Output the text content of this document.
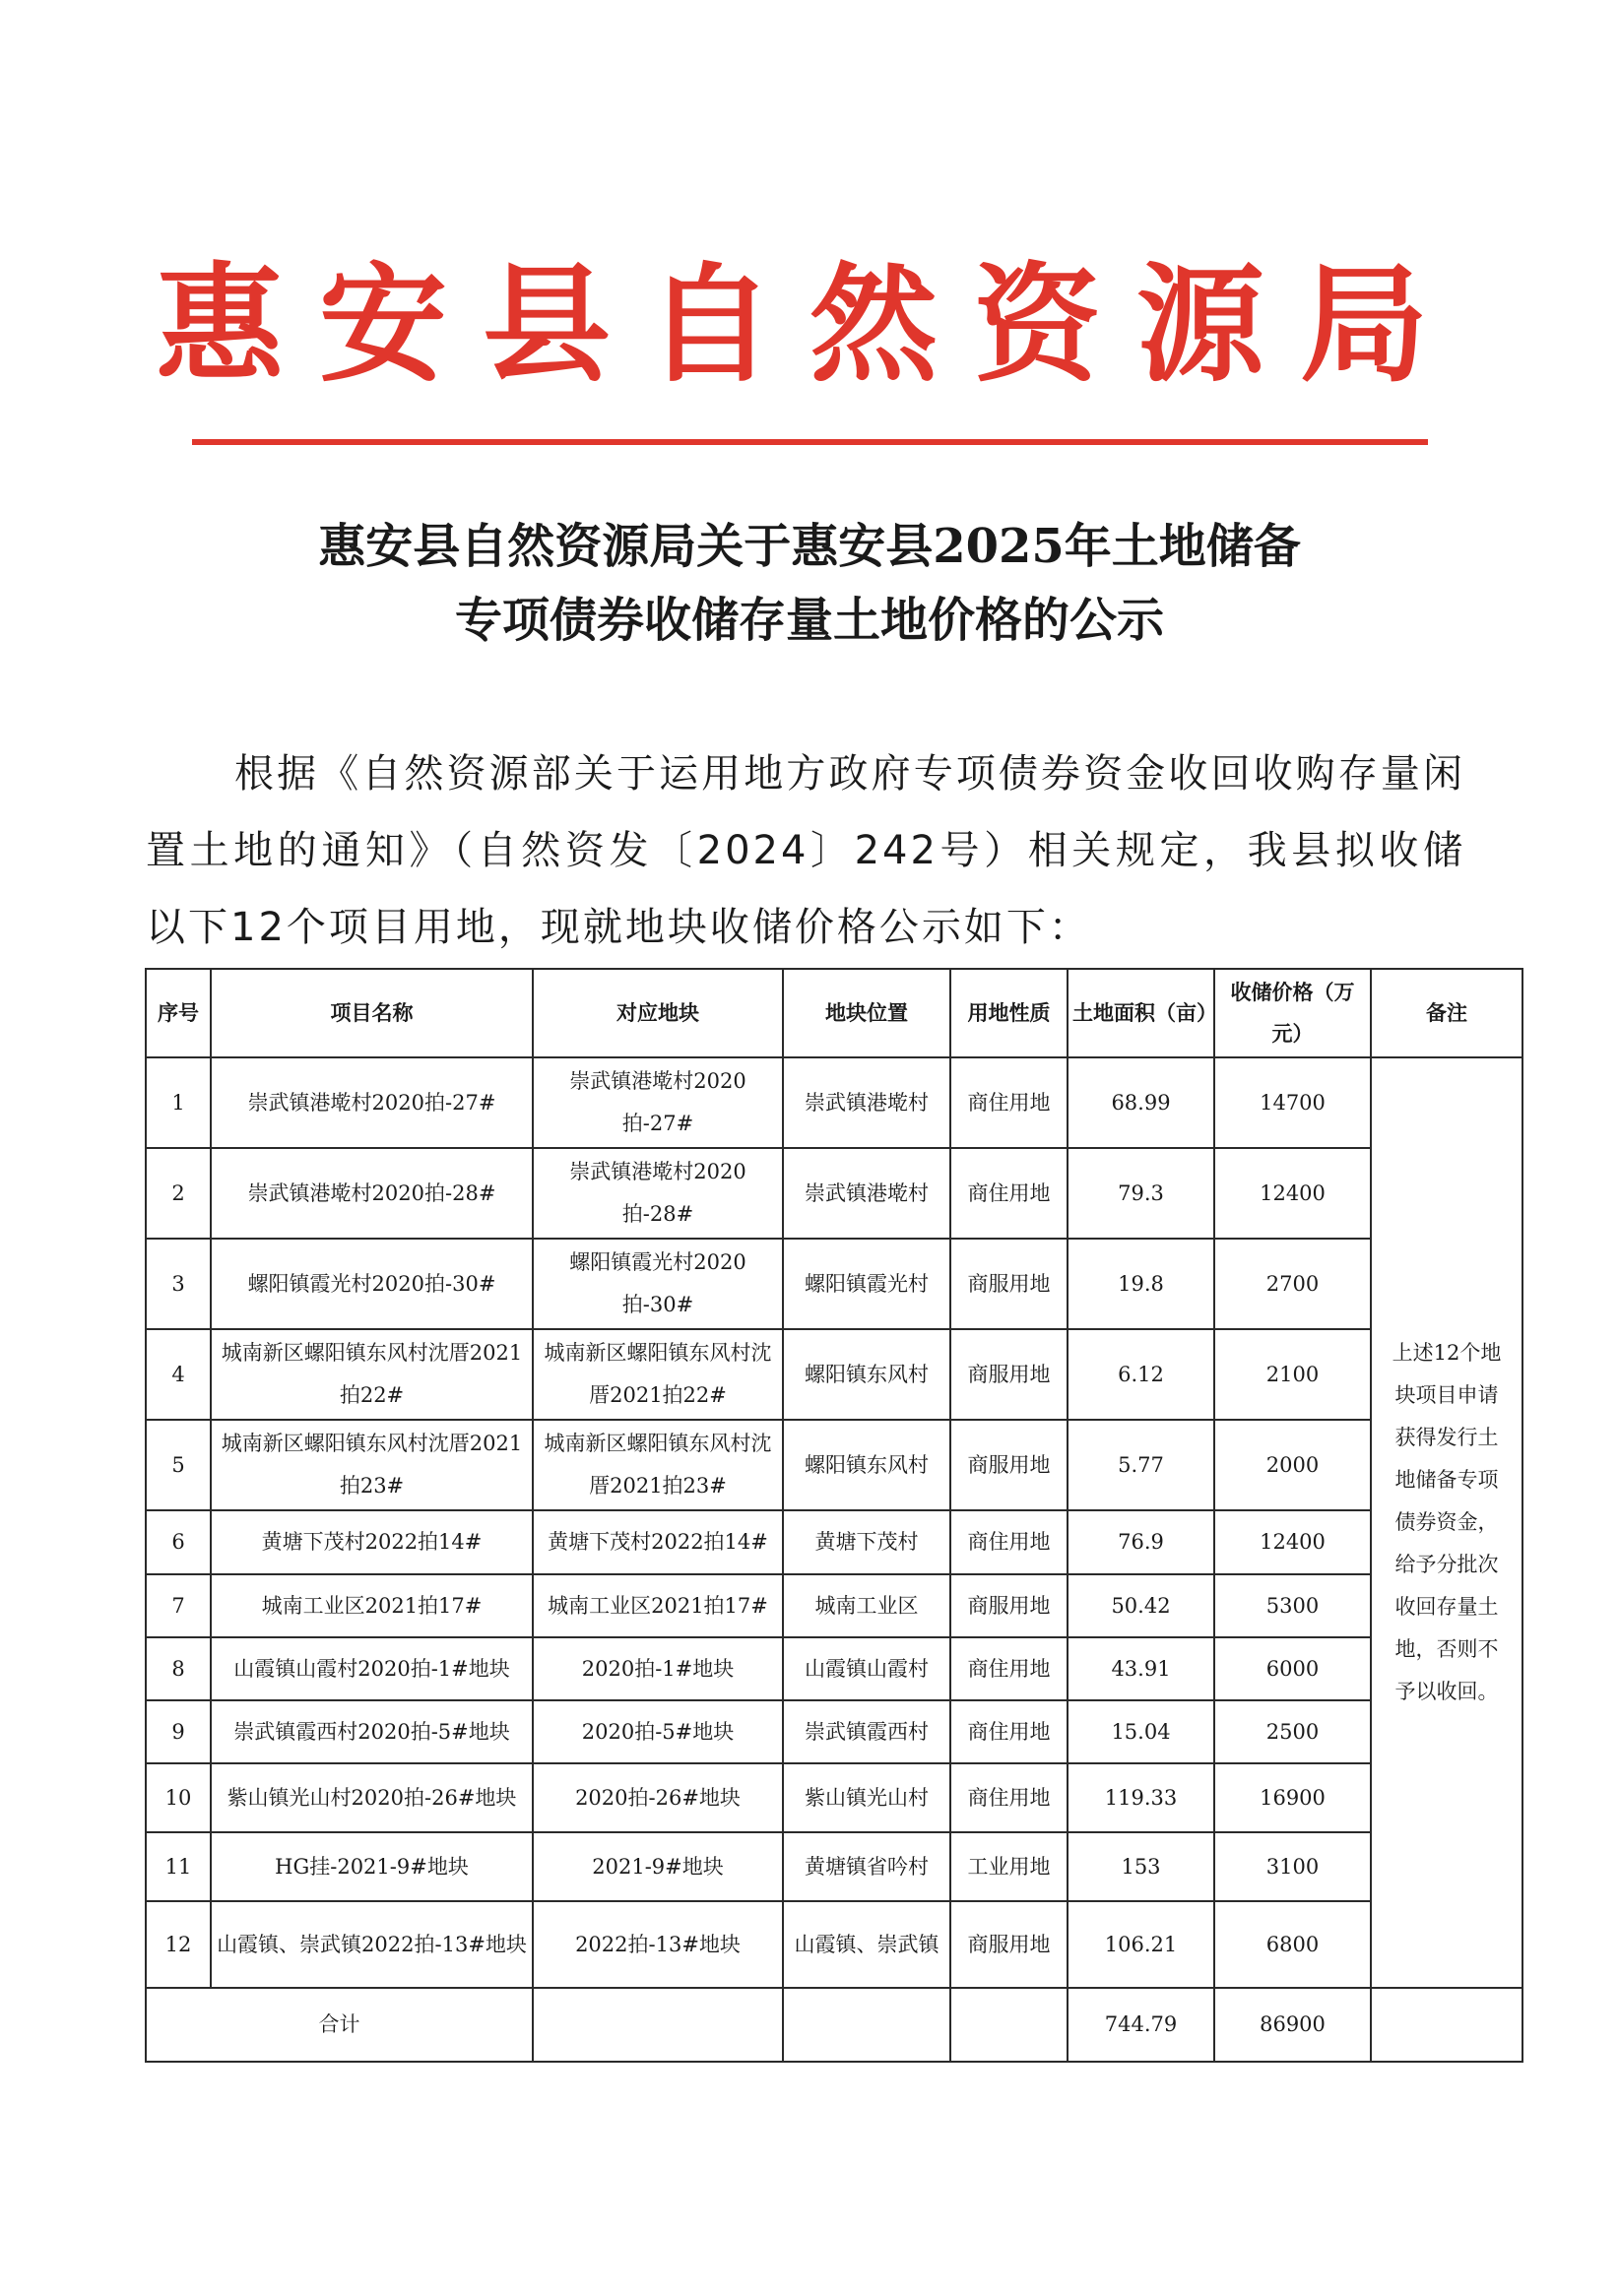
惠安县自然资源局
惠安县自然资源局关于惠安县2025年土地储备
专项债券收储存量土地价格的公示
根据《自然资源部关于运用地方政府专项债券资金收回收购存量闲置土地的通知》（自然资发〔2024〕242号）相关规定，我县拟收储以下12个项目用地，现就地块收储价格公示如下：
序号	项目名称	对应地块	地块位置	用地性质	土地面积（亩）	收储价格（万元）	备注
1	崇武镇港墘村2020拍-27#	崇武镇港墘村2020拍-27#	崇武镇港墘村	商住用地	68.99	14700	上述12个地块项目申请获得发行土地储备专项债券资金，给予分批次收回存量土地，否则不予以收回。
2	崇武镇港墘村2020拍-28#	崇武镇港墘村2020拍-28#	崇武镇港墘村	商住用地	79.3	12400	
3	螺阳镇霞光村2020拍-30#	螺阳镇霞光村2020拍-30#	螺阳镇霞光村	商服用地	19.8	2700	
4	城南新区螺阳镇东风村沈厝2021拍22#	城南新区螺阳镇东风村沈厝2021拍22#	螺阳镇东风村	商服用地	6.12	2100	
5	城南新区螺阳镇东风村沈厝2021拍23#	城南新区螺阳镇东风村沈厝2021拍23#	螺阳镇东风村	商服用地	5.77	2000	
6	黄塘下茂村2022拍14#	黄塘下茂村2022拍14#	黄塘下茂村	商住用地	76.9	12400	
7	城南工业区2021拍17#	城南工业区2021拍17#	城南工业区	商服用地	50.42	5300	
8	山霞镇山霞村2020拍-1#地块	2020拍-1#地块	山霞镇山霞村	商住用地	43.91	6000	
9	崇武镇霞西村2020拍-5#地块	2020拍-5#地块	崇武镇霞西村	商住用地	15.04	2500	
10	紫山镇光山村2020拍-26#地块	2020拍-26#地块	紫山镇光山村	商住用地	119.33	16900	
11	HG挂-2021-9#地块	2021-9#地块	黄塘镇省吟村	工业用地	153	3100	
12	山霞镇、崇武镇2022拍-13#地块	2022拍-13#地块	山霞镇、崇武镇	商服用地	106.21	6800	
合计					744.79	86900	
